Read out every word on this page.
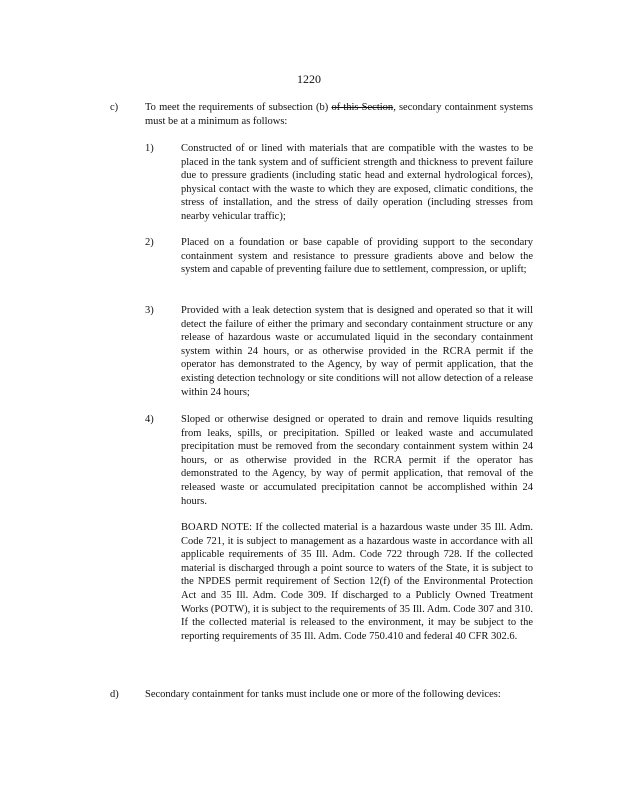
1220
c)	To meet the requirements of subsection (b) of this Section, secondary containment systems must be at a minimum as follows:
1)	Constructed of or lined with materials that are compatible with the wastes to be placed in the tank system and of sufficient strength and thickness to prevent failure due to pressure gradients (including static head and external hydrological forces), physical contact with the waste to which they are exposed, climatic conditions, the stress of installation, and the stress of daily operation (including stresses from nearby vehicular traffic);
2)	Placed on a foundation or base capable of providing support to the secondary containment system and resistance to pressure gradients above and below the system and capable of preventing failure due to settlement, compression, or uplift;
3)	Provided with a leak detection system that is designed and operated so that it will detect the failure of either the primary and secondary containment structure or any release of hazardous waste or accumulated liquid in the secondary containment system within 24 hours, or as otherwise provided in the RCRA permit if the operator has demonstrated to the Agency, by way of permit application, that the existing detection technology or site conditions will not allow detection of a release within 24 hours;
4)	Sloped or otherwise designed or operated to drain and remove liquids resulting from leaks, spills, or precipitation. Spilled or leaked waste and accumulated precipitation must be removed from the secondary containment system within 24 hours, or as otherwise provided in the RCRA permit if the operator has demonstrated to the Agency, by way of permit application, that removal of the released waste or accumulated precipitation cannot be accomplished within 24 hours.
BOARD NOTE: If the collected material is a hazardous waste under 35 Ill. Adm. Code 721, it is subject to management as a hazardous waste in accordance with all applicable requirements of 35 Ill. Adm. Code 722 through 728. If the collected material is discharged through a point source to waters of the State, it is subject to the NPDES permit requirement of Section 12(f) of the Environmental Protection Act and 35 Ill. Adm. Code 309. If discharged to a Publicly Owned Treatment Works (POTW), it is subject to the requirements of 35 Ill. Adm. Code 307 and 310. If the collected material is released to the environment, it may be subject to the reporting requirements of 35 Ill. Adm. Code 750.410 and federal 40 CFR 302.6.
d)	Secondary containment for tanks must include one or more of the following devices:
